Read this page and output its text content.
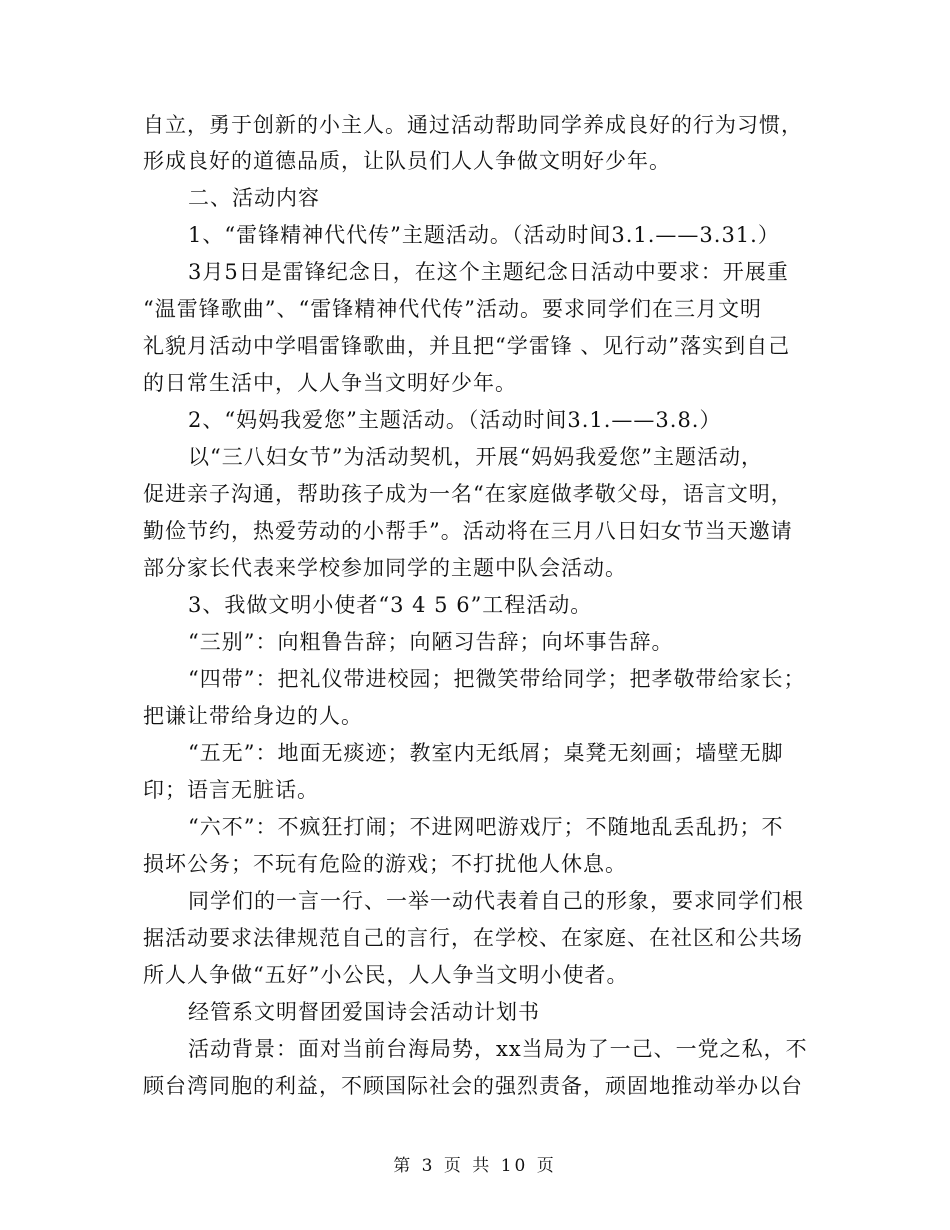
自立，勇于创新的小主人。通过活动帮助同学养成良好的行为习惯，
形成良好的道德品质，让队员们人人争做文明好少年。
二、活动内容
1、“雷锋精神代代传”主题活动。（活动时间3.1.——3.31.）
3月5日是雷锋纪念日，在这个主题纪念日活动中要求：开展重
“温雷锋歌曲”、“雷锋精神代代传”活动。要求同学们在三月文明
礼貌月活动中学唱雷锋歌曲，并且把“学雷锋 、见行动”落实到自己
的日常生活中，人人争当文明好少年。
2、“妈妈我爱您”主题活动。（活动时间3.1.——3.8.）
以“三八妇女节”为活动契机，开展“妈妈我爱您”主题活动，
促进亲子沟通，帮助孩子成为一名“在家庭做孝敬父母，语言文明，
勤俭节约，热爱劳动的小帮手”。活动将在三月八日妇女节当天邀请
部分家长代表来学校参加同学的主题中队会活动。
3、我做文明小使者“3 4 5 6”工程活动。
“三别”：向粗鲁告辞；向陋习告辞；向坏事告辞。
“四带”：把礼仪带进校园；把微笑带给同学；把孝敬带给家长；
把谦让带给身边的人。
“五无”：地面无痰迹；教室内无纸屑；桌凳无刻画；墙壁无脚
印；语言无脏话。
“六不”：不疯狂打闹；不进网吧游戏厅；不随地乱丢乱扔；不
损坏公务；不玩有危险的游戏；不打扰他人休息。
同学们的一言一行、一举一动代表着自己的形象，要求同学们根
据活动要求法律规范自己的言行，在学校、在家庭、在社区和公共场
所人人争做“五好”小公民，人人争当文明小使者。
经管系文明督团爱国诗会活动计划书
活动背景：面对当前台海局势，xx当局为了一己、一党之私，不
顾台湾同胞的利益，不顾国际社会的强烈责备，顽固地推动举办以台
第 3 页 共 10 页
